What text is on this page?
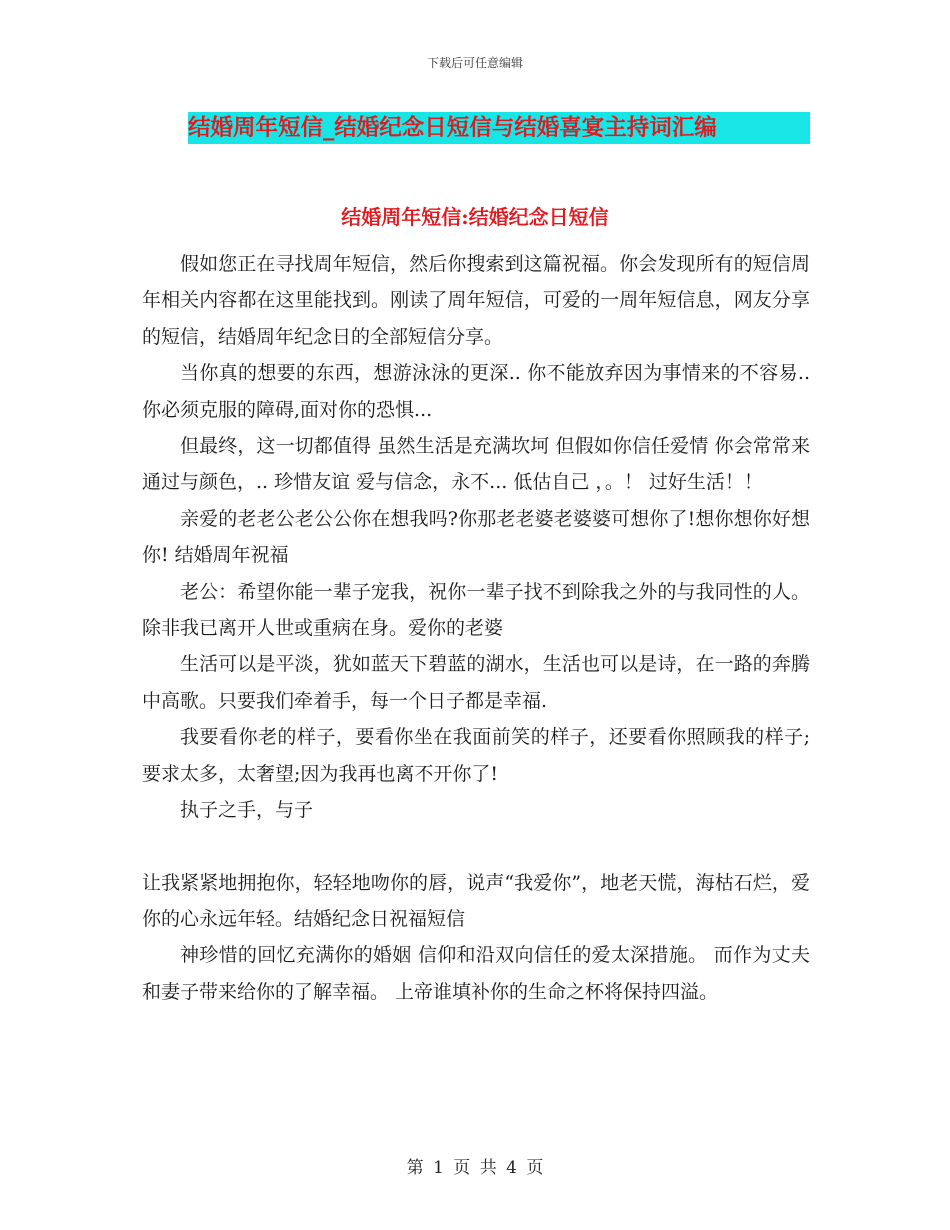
下载后可任意编辑
结婚周年短信_结婚纪念日短信与结婚喜宴主持词汇编
结婚周年短信:结婚纪念日短信

假如您正在寻找周年短信，然后你搜索到这篇祝福。你会发现所有的短信周年相关内容都在这里能找到。刚读了周年短信，可爱的一周年短信息，网友分享的短信，结婚周年纪念日的全部短信分享。

当你真的想要的东西，想游泳泳的更深.. 你不能放弃因为事情来的不容易.. 你必须克服的障碍,面对你的恐惧...

但最终，这一切都值得 虽然生活是充满坎坷 但假如你信任爱情 你会常常来通过与颜色，.. 珍惜友谊 爱与信念，永不... 低估自己 ，。！ 过好生活！！

亲爱的老老公老公公你在想我吗?你那老老婆老婆婆可想你了!想你想你好想你! 结婚周年祝福

老公：希望你能一辈子宠我，祝你一辈子找不到除我之外的与我同性的人。除非我已离开人世或重病在身。爱你的老婆

生活可以是平淡，犹如蓝天下碧蓝的湖水，生活也可以是诗，在一路的奔腾中高歌。只要我们牵着手，每一个日子都是幸福.

我要看你老的样子，要看你坐在我面前笑的样子，还要看你照顾我的样子;要求太多，太奢望;因为我再也离不开你了!

执子之手，与子

让我紧紧地拥抱你，轻轻地吻你的唇，说声“我爱你”，地老天慌，海枯石烂，爱你的心永远年轻。结婚纪念日祝福短信

神珍惜的回忆充满你的婚姻 信仰和沿双向信任的爱太深措施。 而作为丈夫和妻子带来给你的了解幸福。 上帝谁填补你的生命之杯将保持四溢。

第 1 页 共 4 页
